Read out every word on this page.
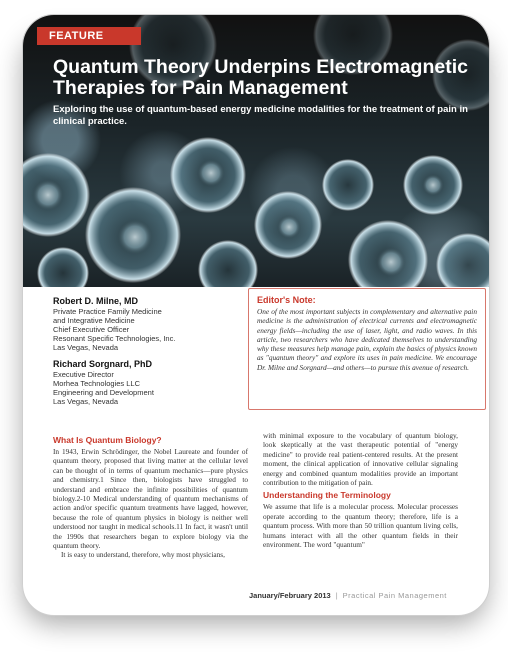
FEATURE
Quantum Theory Underpins Electromagnetic Therapies for Pain Management
Exploring the use of quantum-based energy medicine modalities for the treatment of pain in clinical practice.
Robert D. Milne, MD
Private Practice Family Medicine
and Integrative Medicine
Chief Executive Officer
Resonant Specific Technologies, Inc.
Las Vegas, Nevada
Richard Sorgnard, PhD
Executive Director
Morhea Technologies LLC
Engineering and Development
Las Vegas, Nevada
Editor's Note:
One of the most important subjects in complementary and alternative pain medicine is the administration of electrical currents and electromagnetic energy fields—including the use of laser, light, and radio waves. In this article, two researchers who have dedicated themselves to understanding why these measures help manage pain, explain the basics of physics known as "quantum theory" and explore its uses in pain medicine. We encourage Dr. Milne and Sorgnard—and others—to pursue this avenue of research.
What Is Quantum Biology?

In 1943, Erwin Schrödinger, the Nobel Laureate and founder of quantum theory, proposed that living matter at the cellular level can be thought of in terms of quantum mechanics—pure physics and chemistry.1 Since then, biologists have struggled to understand and embrace the infinite possibilities of quantum biology.2-10 Medical understanding of quantum mechanisms of action and/or specific quantum treatments have lagged, however, because the role of quantum physics in biology is neither well understood nor taught in medical schools.11 In fact, it wasn't until the 1990s that researchers began to explore biology via the quantum theory.

It is easy to understand, therefore, why most physicians,

with minimal exposure to the vocabulary of quantum biology, look skeptically at the vast therapeutic potential of "energy medicine" to provide real patient-centered results. At the present moment, the clinical application of innovative cellular signaling energy and combined quantum modalities provide an important contribution to the mitigation of pain.

Understanding the Terminology

We assume that life is a molecular process. Molecular processes operate according to the quantum theory; therefore, life is a quantum process. With more than 50 trillion quantum living cells, humans interact with all the other quantum fields in their environment. The word "quantum"

January/February 2013 | Practical Pain Management
